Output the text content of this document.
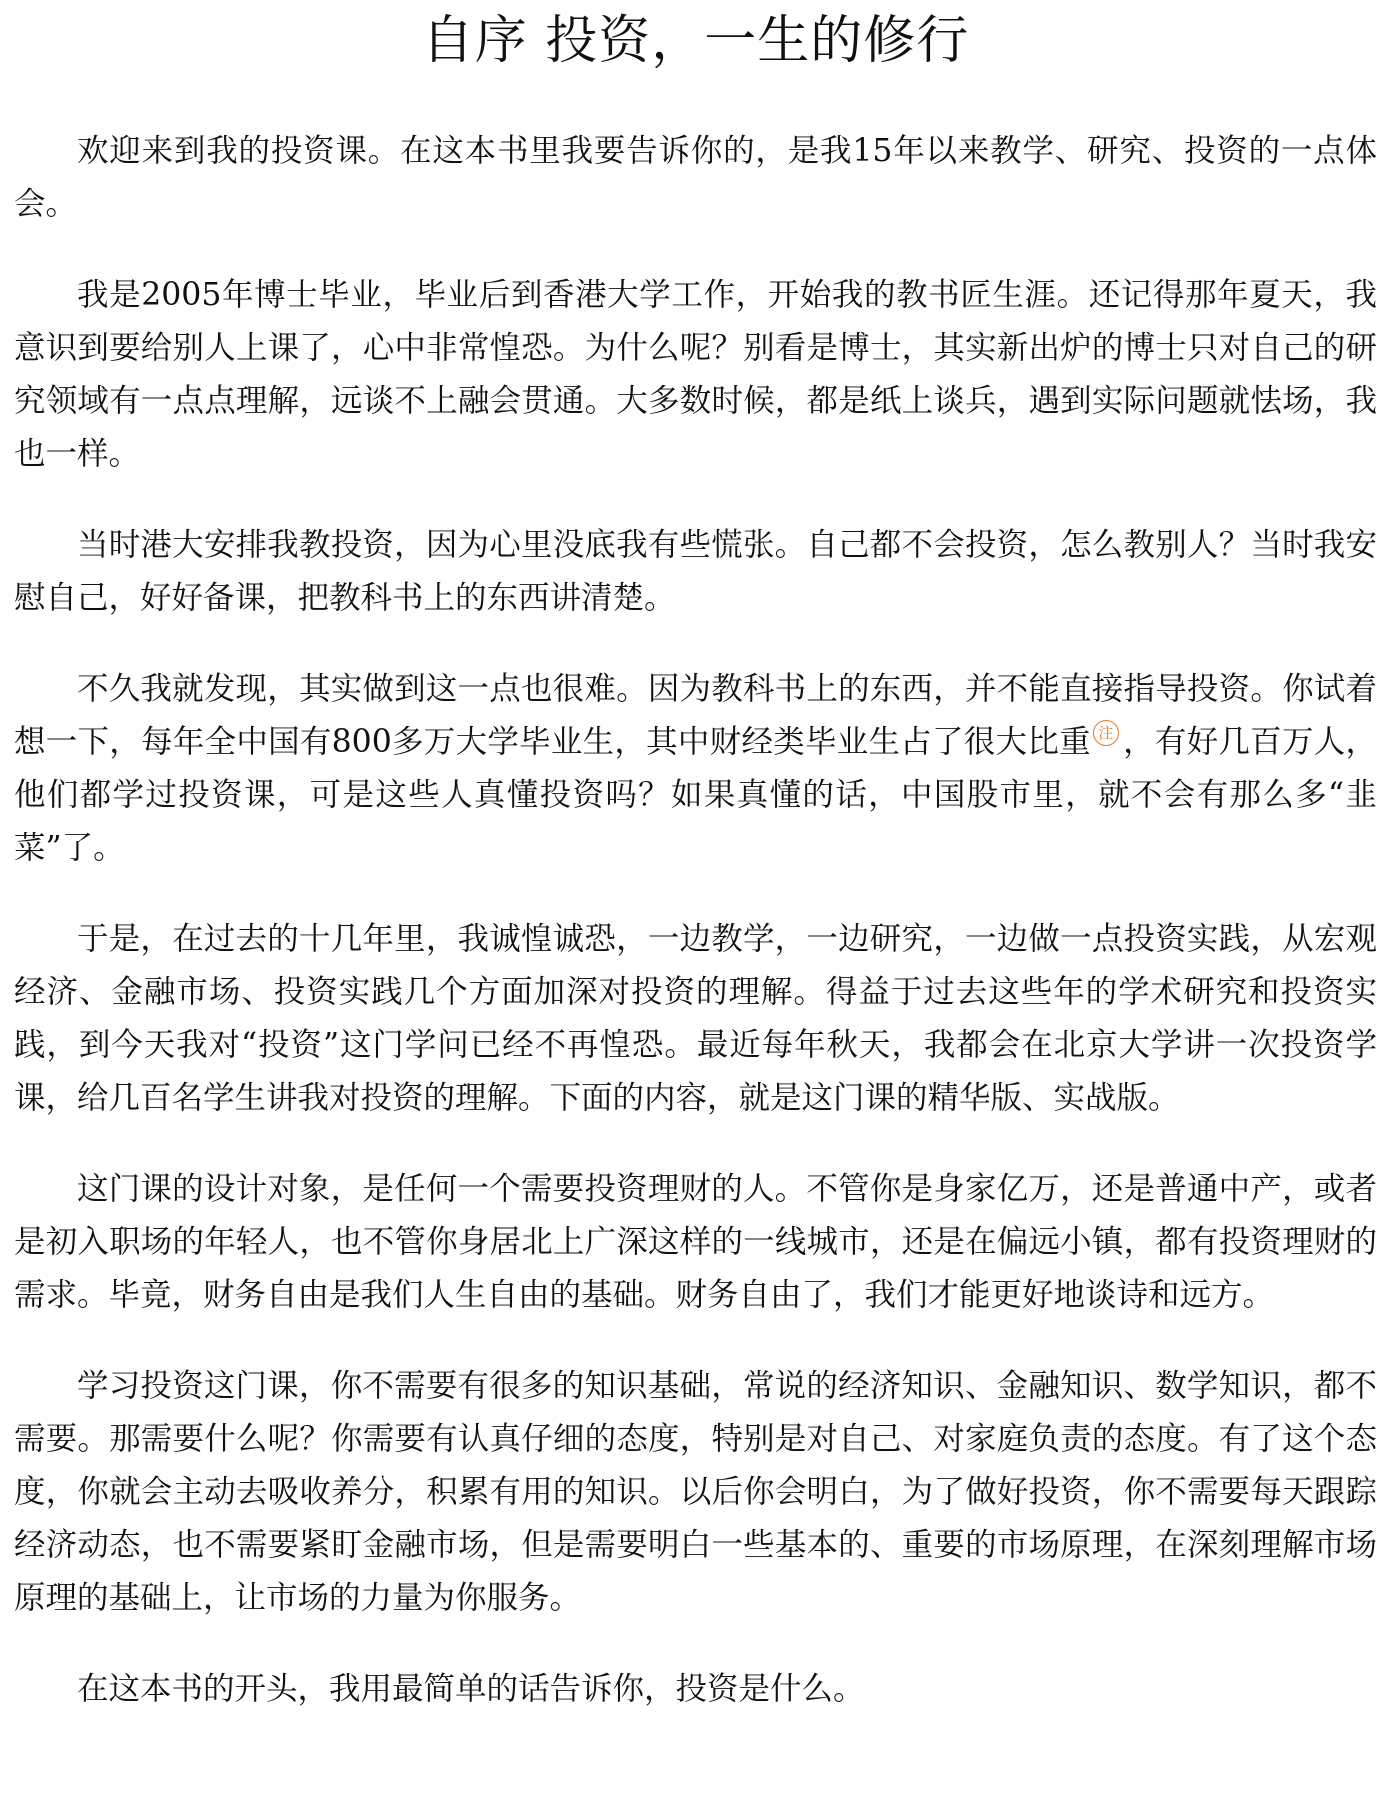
自序 投资，一生的修行

欢迎来到我的投资课。在这本书里我要告诉你的，是我15年以来教学、研究、投资的一点体会。

我是2005年博士毕业，毕业后到香港大学工作，开始我的教书匠生涯。还记得那年夏天，我意识到要给别人上课了，心中非常惶恐。为什么呢？别看是博士，其实新出炉的博士只对自己的研究领域有一点点理解，远谈不上融会贯通。大多数时候，都是纸上谈兵，遇到实际问题就怯场，我也一样。

当时港大安排我教投资，因为心里没底我有些慌张。自己都不会投资，怎么教别人？当时我安慰自己，好好备课，把教科书上的东西讲清楚。

不久我就发现，其实做到这一点也很难。因为教科书上的东西，并不能直接指导投资。你试着想一下，每年全中国有800多万大学毕业生，其中财经类毕业生占了很大比重 注 ，有好几百万人，他们都学过投资课，可是这些人真懂投资吗？如果真懂的话，中国股市里，就不会有那么多“韭菜”了。

于是，在过去的十几年里，我诚惶诚恐，一边教学，一边研究，一边做一点投资实践，从宏观经济、金融市场、投资实践几个方面加深对投资的理解。得益于过去这些年的学术研究和投资实践，到今天我对“投资”这门学问已经不再惶恐。最近每年秋天，我都会在北京大学讲一次投资学课，给几百名学生讲我对投资的理解。下面的内容，就是这门课的精华版、实战版。

这门课的设计对象，是任何一个需要投资理财的人。不管你是身家亿万，还是普通中产，或者是初入职场的年轻人，也不管你身居北上广深这样的一线城市，还是在偏远小镇，都有投资理财的需求。毕竟，财务自由是我们人生自由的基础。财务自由了，我们才能更好地谈诗和远方。

学习投资这门课，你不需要有很多的知识基础，常说的经济知识、金融知识、数学知识，都不需要。那需要什么呢？你需要有认真仔细的态度，特别是对自己、对家庭负责的态度。有了这个态度，你就会主动去吸收养分，积累有用的知识。以后你会明白，为了做好投资，你不需要每天跟踪经济动态，也不需要紧盯金融市场，但是需要明白一些基本的、重要的市场原理，在深刻理解市场原理的基础上，让市场的力量为你服务。

在这本书的开头，我用最简单的话告诉你，投资是什么。
